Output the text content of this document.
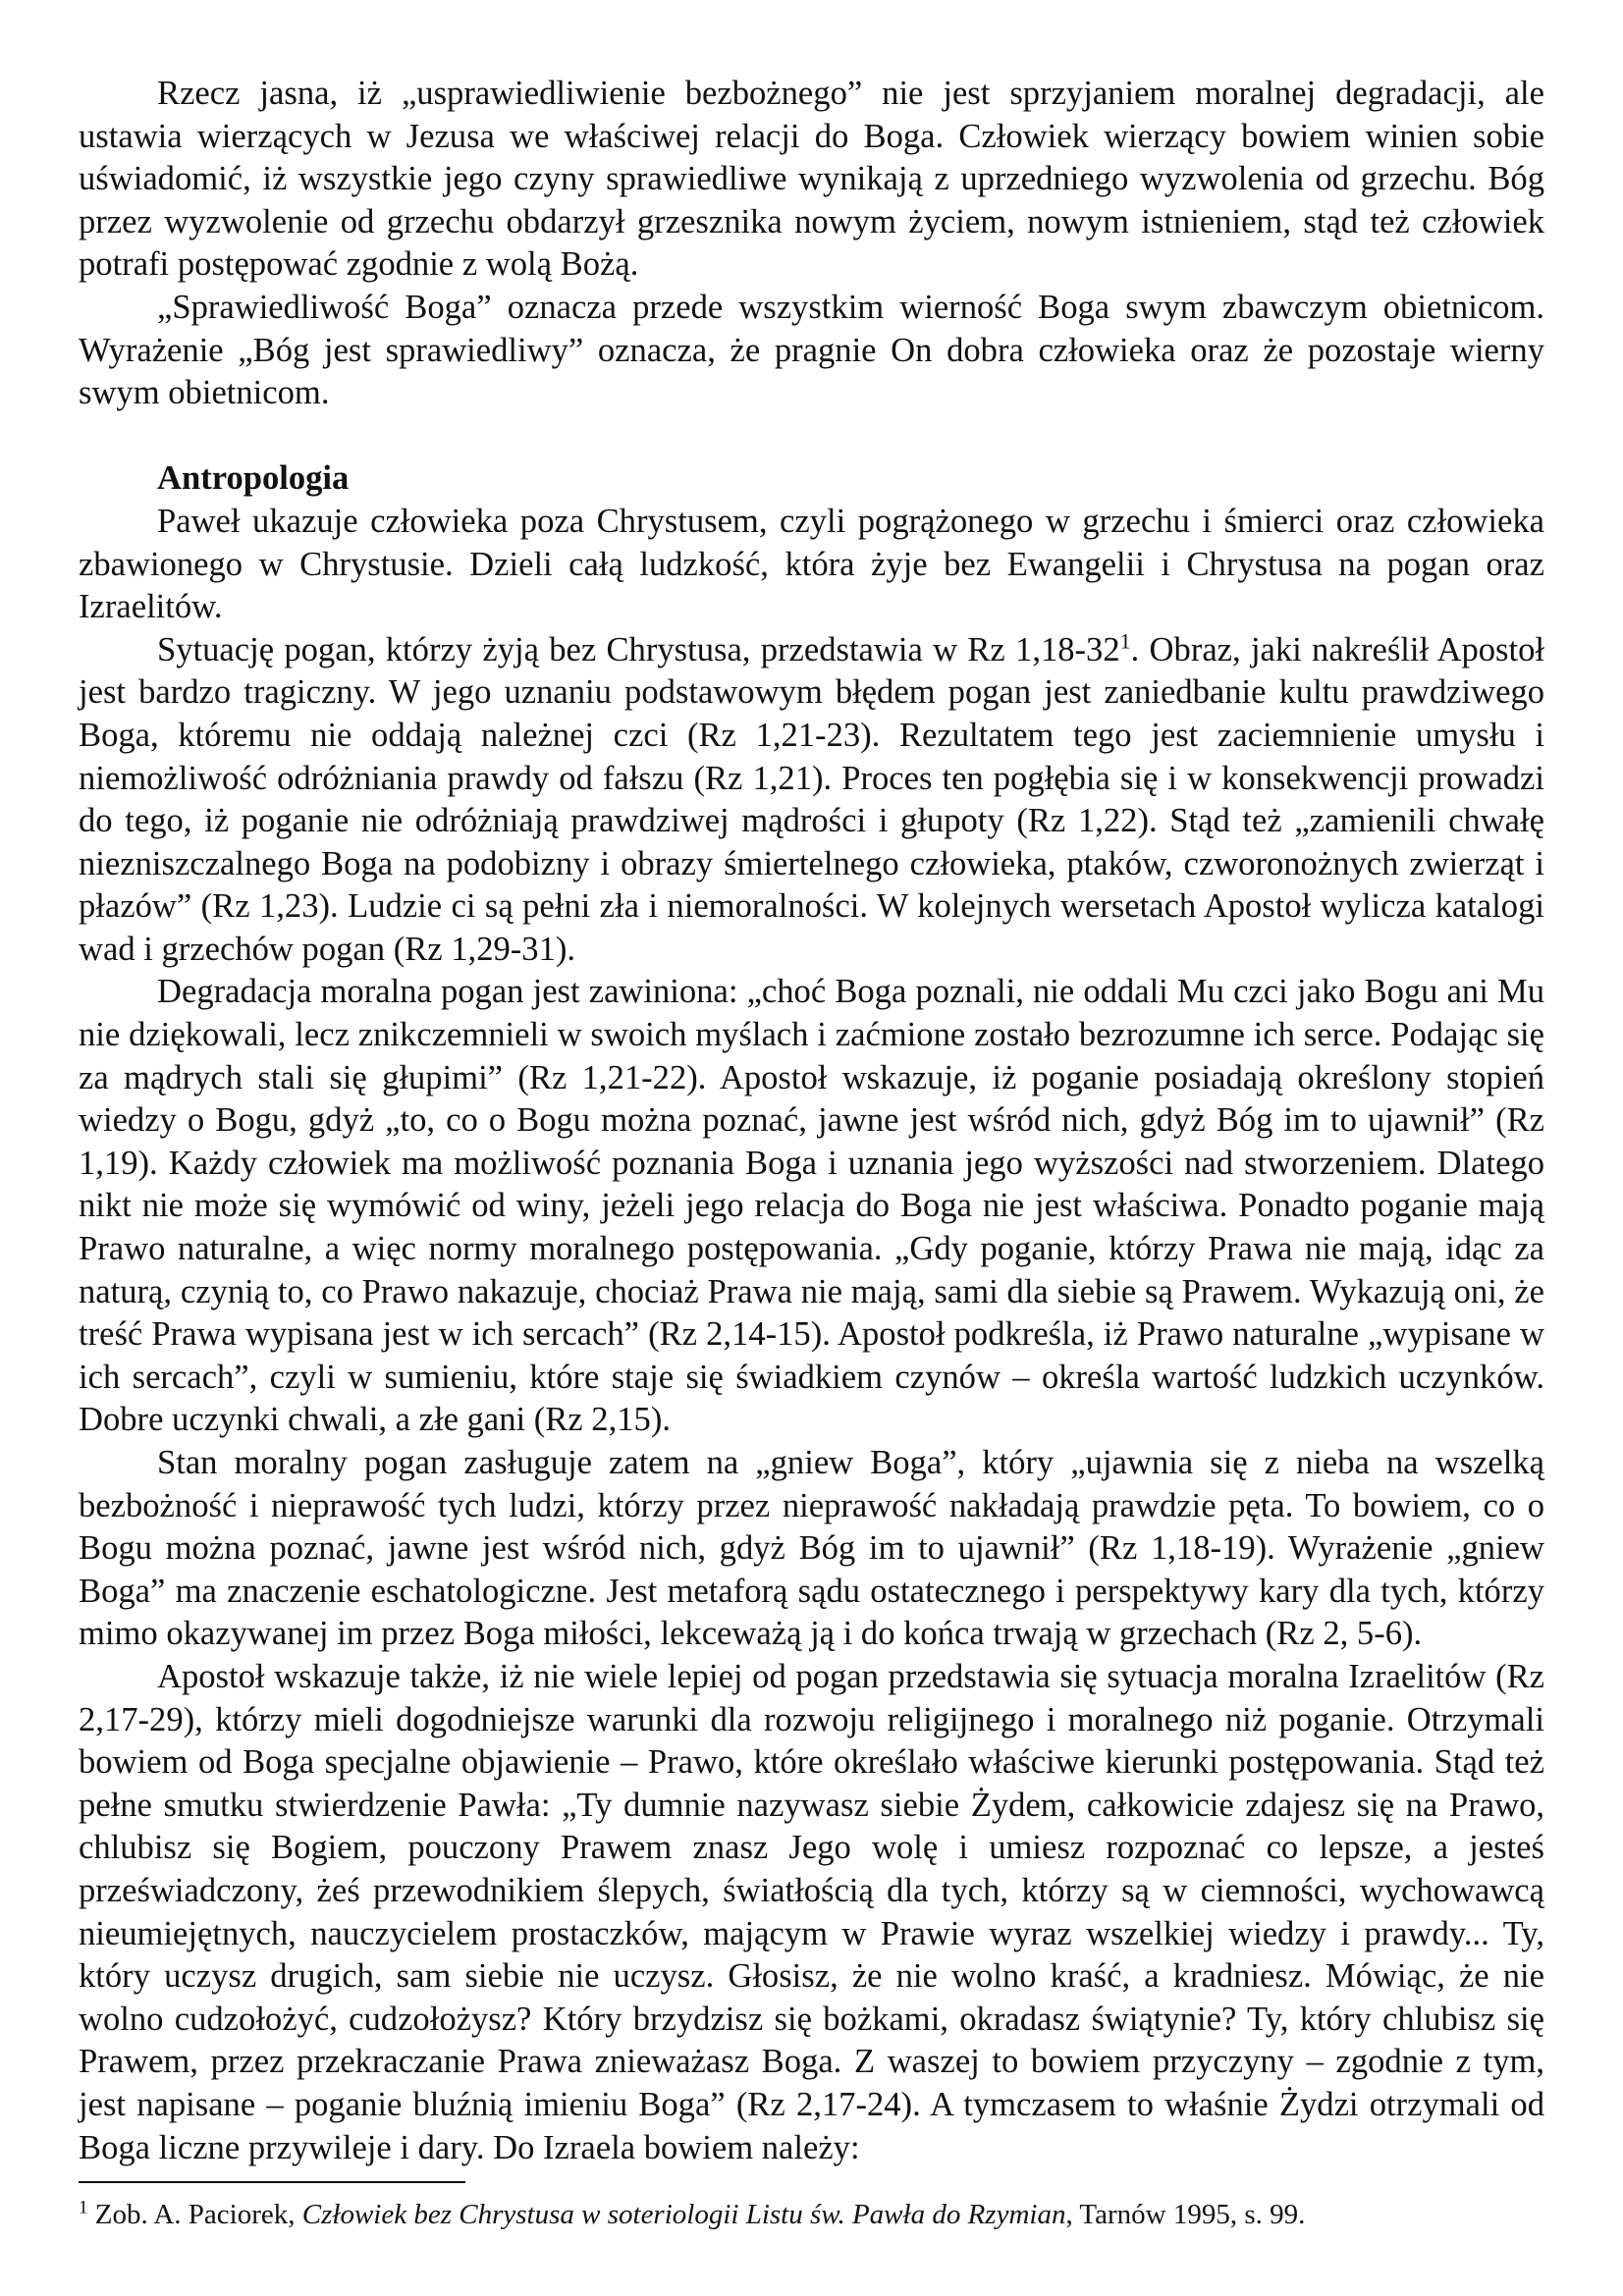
Rzecz jasna, iż „usprawiedliwienie bezbożnego” nie jest sprzyjaniem moralnej degradacji, ale ustawia wierzących w Jezusa we właściwej relacji do Boga. Człowiek wierzący bowiem winien sobie uświadomić, iż wszystkie jego czyny sprawiedliwe wynikają z uprzedniego wyzwolenia od grzechu. Bóg przez wyzwolenie od grzechu obdarzył grzesznika nowym życiem, nowym istnieniem, stąd też człowiek potrafi postępować zgodnie z wolą Bożą.

„Sprawiedliwość Boga” oznacza przede wszystkim wierność Boga swym zbawczym obietnicom. Wyrażenie „Bóg jest sprawiedliwy” oznacza, że pragnie On dobra człowieka oraz że pozostaje wierny swym obietnicom.

Antropologia

Paweł ukazuje człowieka poza Chrystusem, czyli pogrążonego w grzechu i śmierci oraz człowieka zbawionego w Chrystusie. Dzieli całą ludzkość, która żyje bez Ewangelii i Chrystusa na pogan oraz Izraelitów.

Sytuację pogan, którzy żyją bez Chrystusa, przedstawia w Rz $1,18-32^1$. Obraz, jaki nakreślił Apostoł jest bardzo tragiczny. W jego uznaniu podstawowym błędem pogan jest zaniedbanie kultu prawdziwego Boga, któremu nie oddają należnej czci (Rz 1,21-23). Rezultatem tego jest zaciemnienie umysłu i niemożliwość odróżniania prawdy od fałszu (Rz 1,21). Proces ten pogłębia się i w konsekwencji prowadzi do tego, iż poganie nie odróżniają prawdziwej mądrości i głupoty (Rz 1,22). Stąd też „zamienili chwałę niezniszczalnego Boga na podobizny i obrazy śmiertelnego człowieka, ptaków, czworonożnych zwierząt i płazów” (Rz 1,23). Ludzie ci są pełni zła i niemoralności. W kolejnych wersetach Apostoł wylicza katalogi wad i grzechów pogan (Rz 1,29-31).

Degradacja moralna pogan jest zawiniona: „choć Boga poznali, nie oddali Mu czci jako Bogu ani Mu nie dziękowali, lecz znikczemnieli w swoich myślach i zaćmione zostało bezrozumne ich serce. Podając się za mądrych stali się głupimi” (Rz 1,21-22). Apostoł wskazuje, iż poganie posiadają określony stopień wiedzy o Bogu, gdyż „to, co o Bogu można poznać, jawne jest wśród nich, gdyż Bóg im to ujawnił” (Rz 1,19). Każdy człowiek ma możliwość poznania Boga i uznania jego wyższości nad stworzeniem. Dlatego nikt nie może się wymówić od winy, jeżeli jego relacja do Boga nie jest właściwa. Ponadto poganie mają Prawo naturalne, a więc normy moralnego postępowania. „Gdy poganie, którzy Prawa nie mają, idąc za naturą, czynią to, co Prawo nakazuje, chociaż Prawa nie mają, sami dla siebie są Prawem. Wykazują oni, że treść Prawa wypisana jest w ich sercach” (Rz 2,14-15). Apostoł podkreśla, iż Prawo naturalne „wypisane w ich sercach”, czyli w sumieniu, które staje się świadkiem czynów – określa wartość ludzkich uczynków. Dobre uczynki chwali, a złe gani (Rz 2,15).

Stan moralny pogan zasługuje zatem na „gniew Boga”, który „ujawnia się z nieba na wszelką bezbożność i nieprawość tych ludzi, którzy przez nieprawość nakładają prawdzie pęta. To bowiem, co o Bogu można poznać, jawne jest wśród nich, gdyż Bóg im to ujawnił” (Rz 1,18-19). Wyrażenie „gniew Boga” ma znaczenie eschatologiczne. Jest metaforą sądu ostatecznego i perspektywy kary dla tych, którzy mimo okazywanej im przez Boga miłości, lekceważą ją i do końca trwają w grzechach (Rz 2, 5-6).

Apostoł wskazuje także, iż nie wiele lepiej od pogan przedstawia się sytuacja moralna Izraelitów (Rz 2,17-29), którzy mieli dogodniejsze warunki dla rozwoju religijnego i moralnego niż poganie. Otrzymali bowiem od Boga specjalne objawienie – Prawo, które określało właściwe kierunki postępowania. Stąd też pełne smutku stwierdzenie Pawła: „Ty dumnie nazywasz siebie Żydem, całkowicie zdajesz się na Prawo, chlubisz się Bogiem, pouczony Prawem znasz Jego wolę i umiesz rozpoznać co lepsze, a jesteś przeświadczony, żeś przewodnikiem ślepych, światłością dla tych, którzy są w ciemności, wychowawcą nieumiejętnych, nauczycielem prostaczków, mającym w Prawie wyraz wszelkiej wiedzy i prawdy... Ty, który uczysz drugich, sam siebie nie uczysz. Głosisz, że nie wolno kraść, a kradniesz. Mówiąc, że nie wolno cudzołożyć, cudzołożysz? Który brzydzisz się bożkami, okradasz świątynie? Ty, który chlubisz się Prawem, przez przekraczanie Prawa znieważasz Boga. Z waszej to bowiem przyczyny – zgodnie z tym, jest napisane – poganie bluźnią imieniu Boga” (Rz 2,17-24). A tymczasem to właśnie Żydzi otrzymali od Boga liczne przywileje i dary. Do Izraela bowiem należy:

$^1$ Zob. A. Paciorek, Człowiek bez Chrystusa w soteriologii Listu św. Pawła do Rzymian, Tarnów 1995, s. 99.
